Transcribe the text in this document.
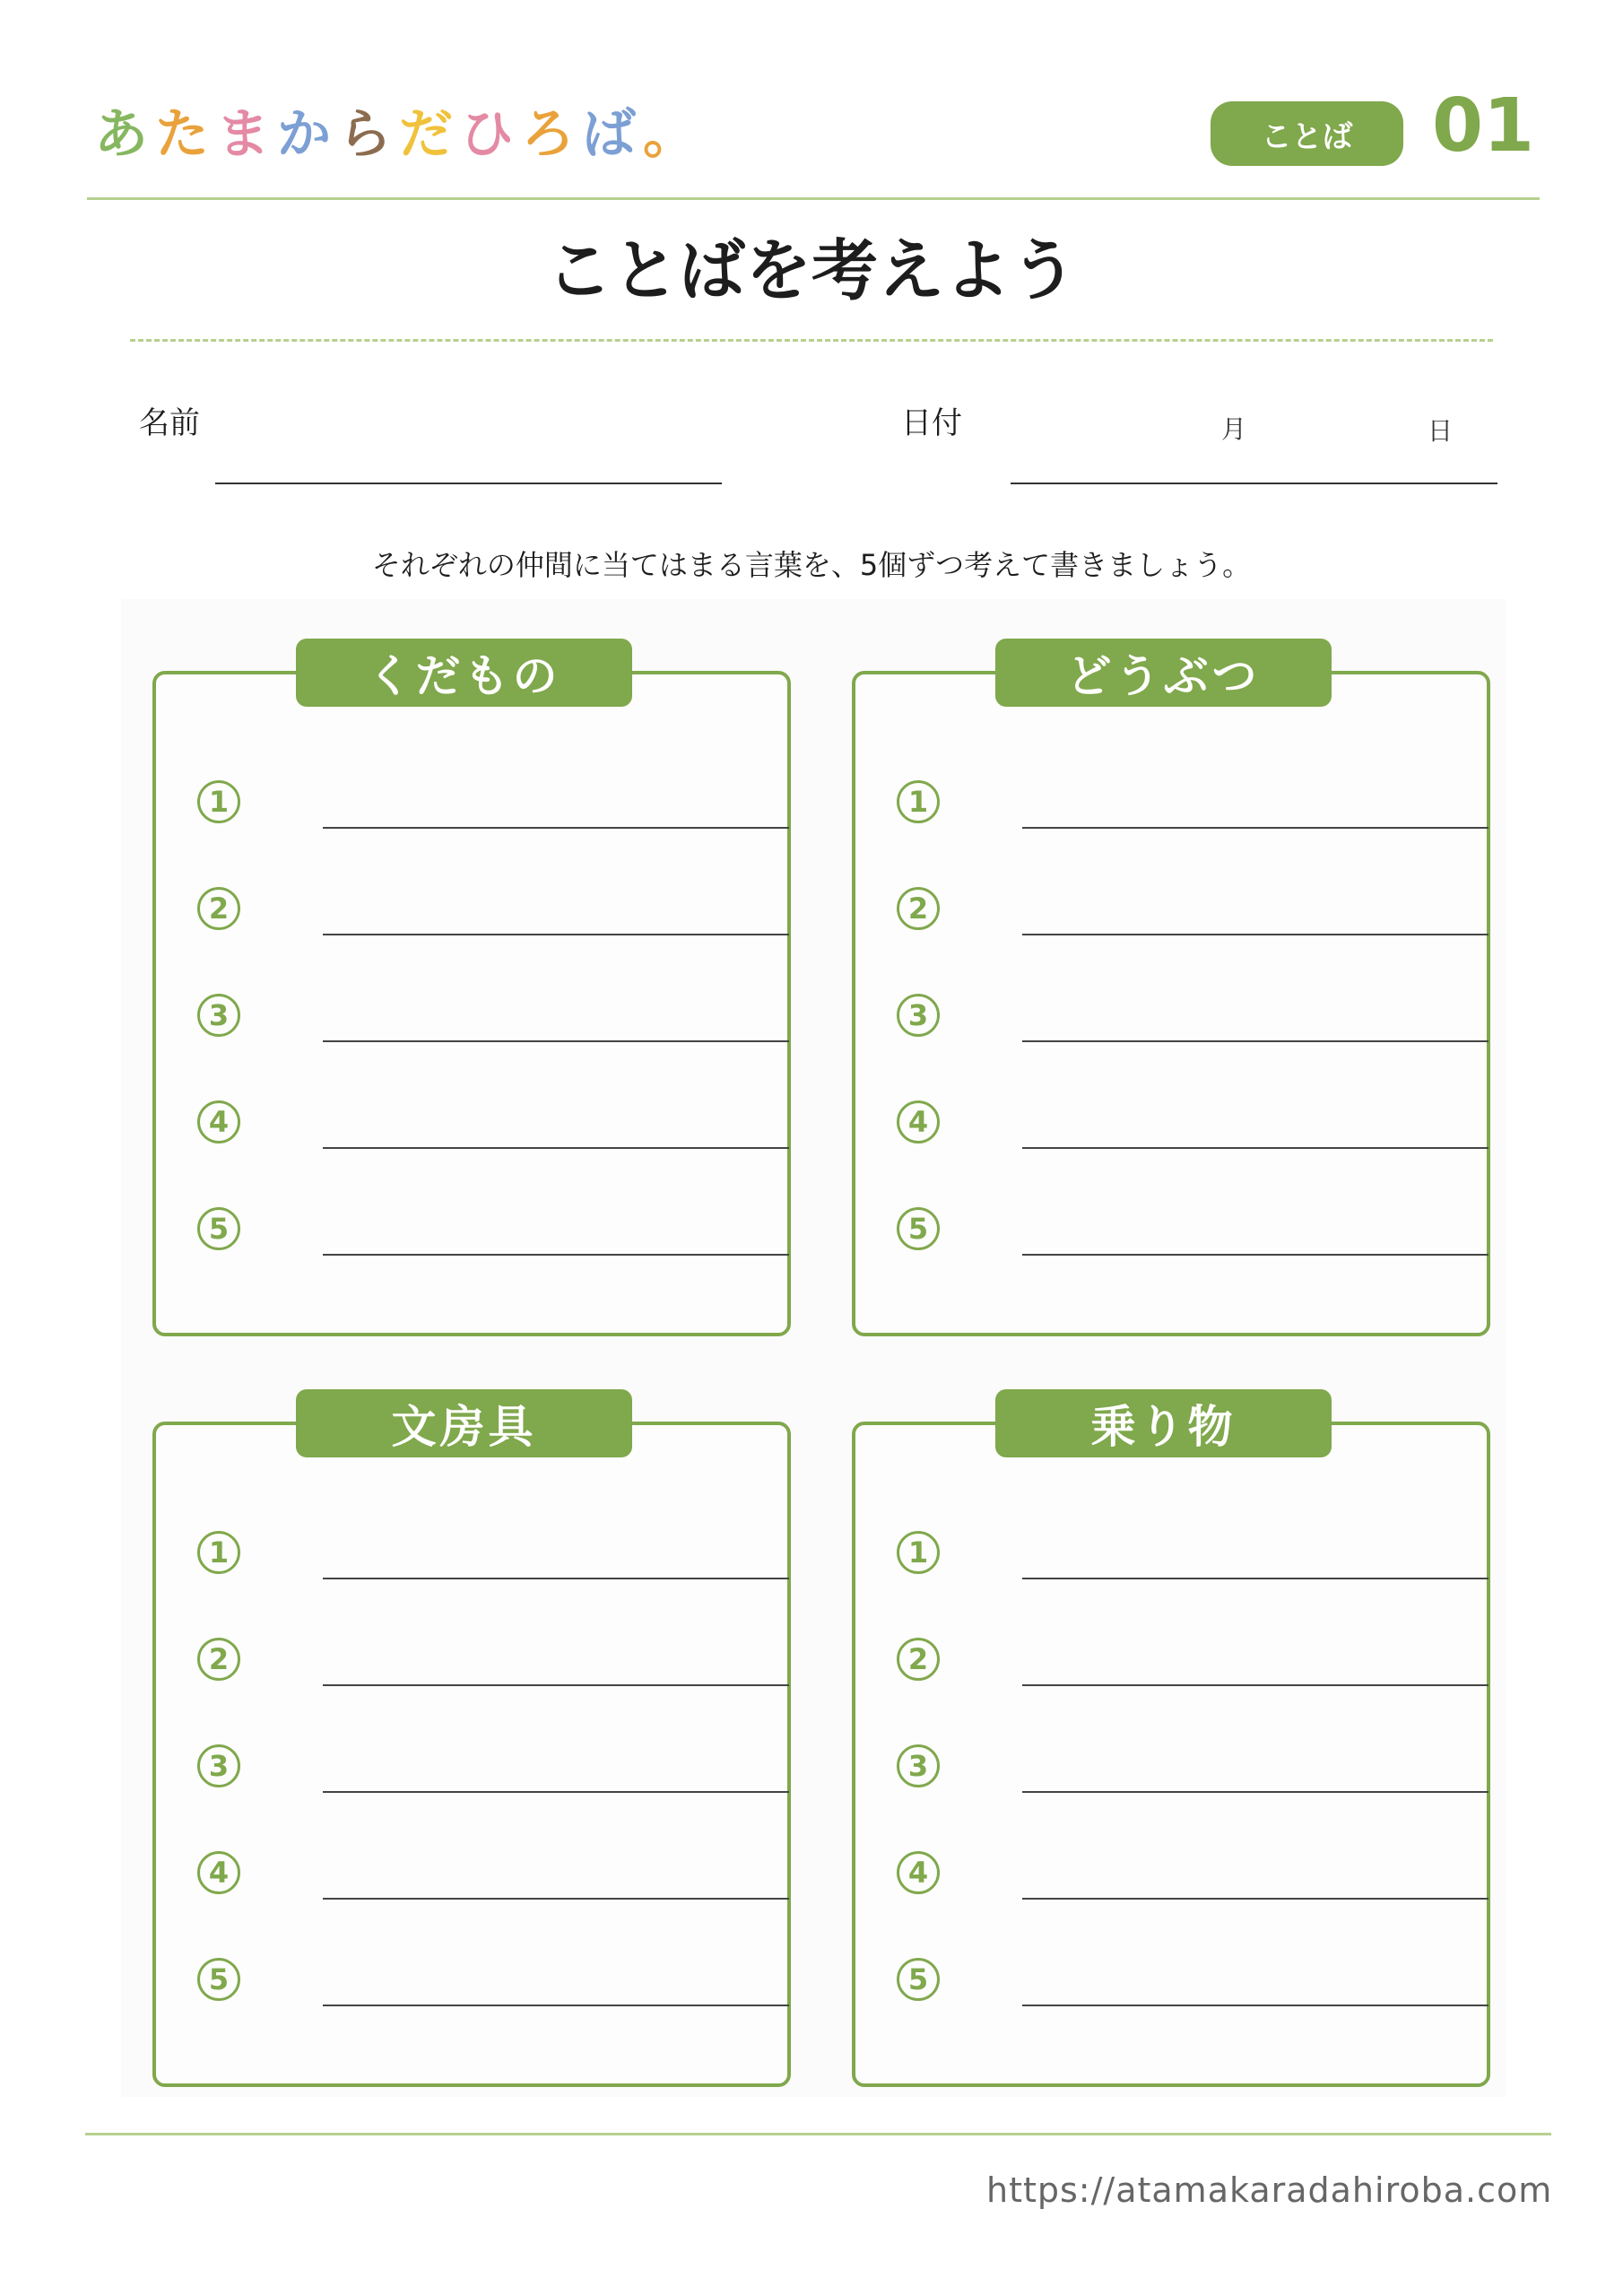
あ た ま か ら だ ひ ろ ば 。	ことば	01
ことばを考えよう
名前	日付	月	日
それぞれの仲間に当てはまる言葉を、5個ずつ考えて書きましょう。
くだもの
1
2
3
4
5
どうぶつ
1
2
3
4
5
文房具
1
2
3
4
5
乗り物
1
2
3
4
5
https://atamakaradahiroba.com
